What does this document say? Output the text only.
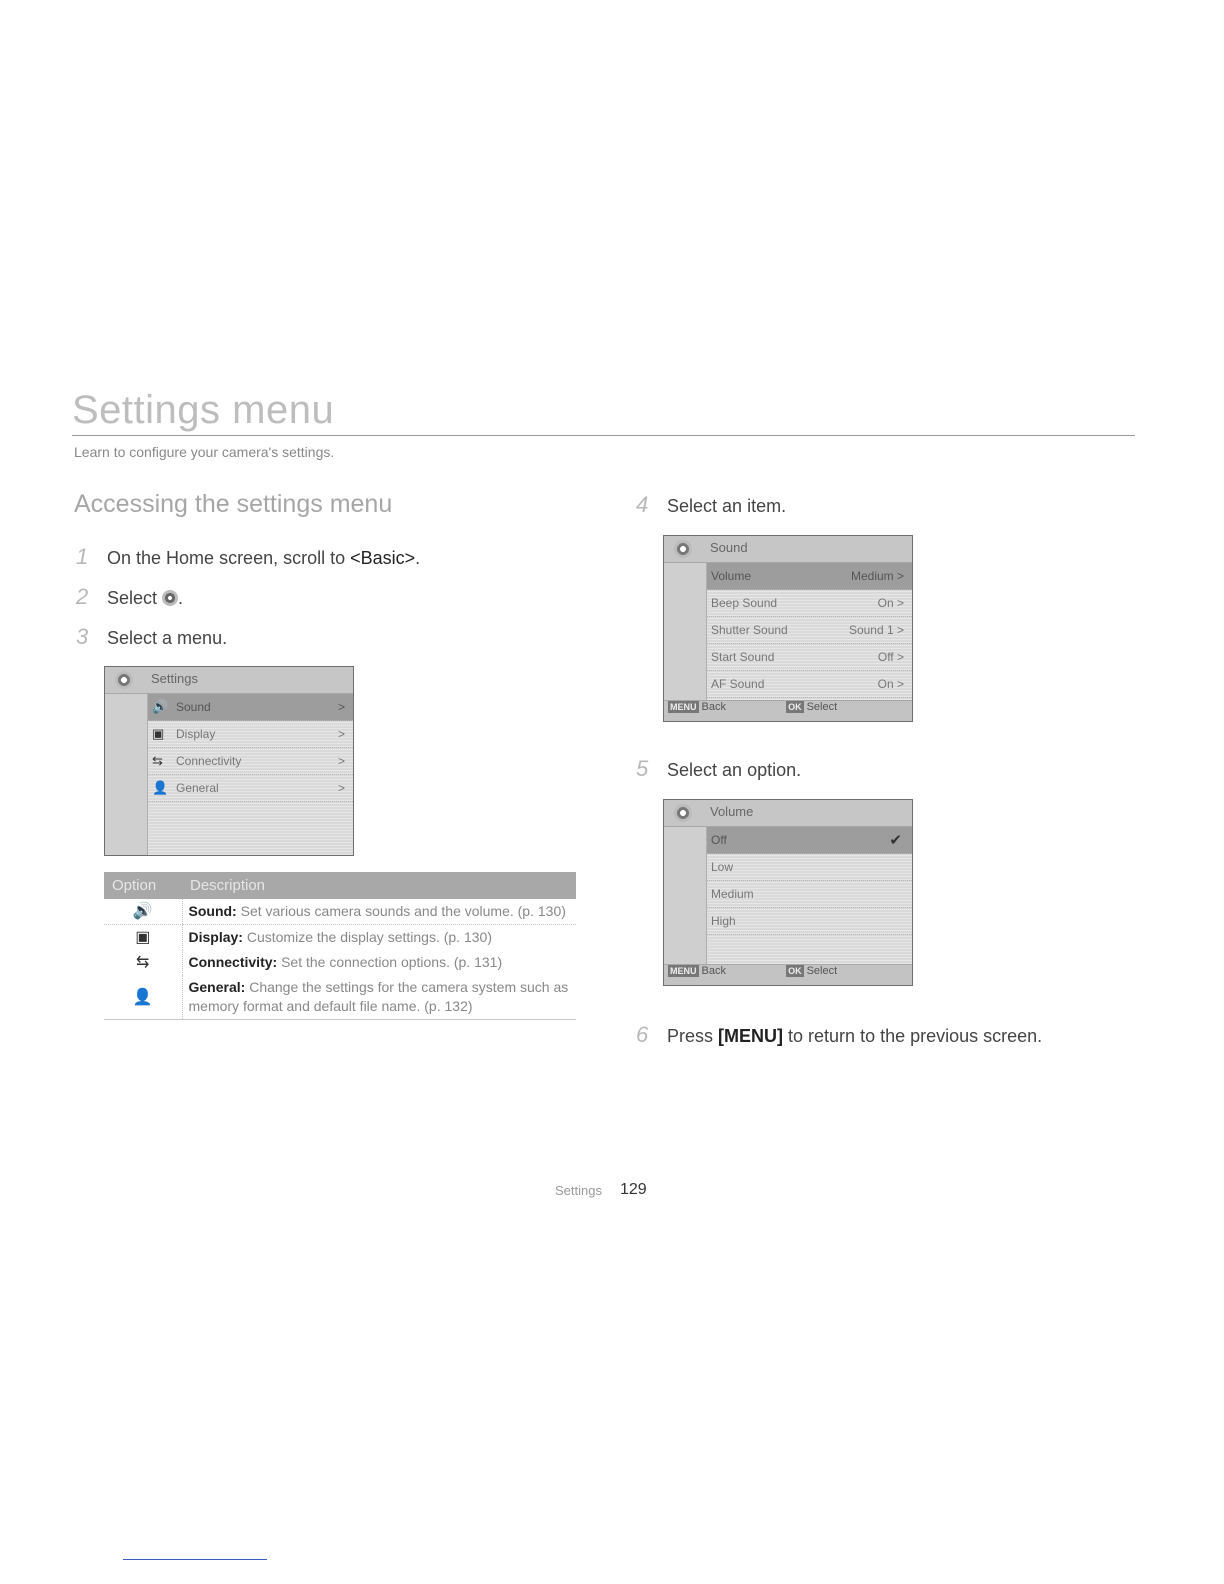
Settings menu
Learn to configure your camera's settings.
Accessing the settings menu
1 On the Home screen, scroll to <Basic>.
2 Select .
3 Select a menu.
Settings
🔊 Sound	>
▣ Display	>
⇆ Connectivity	>
👤 General	>
Option	Description
🔊	Sound: Set various camera sounds and the volume. (p. 130)
▣	Display: Customize the display settings. (p. 130)
⇆	Connectivity: Set the connection options. (p. 131)
👤	General: Change the settings for the camera system such as memory format and default file name. (p. 132)
4 Select an item.
Sound
Volume	Medium >
Beep Sound	On >
Shutter Sound	Sound 1 >
Start Sound	Off >
AF Sound	On >
MENU Back	OK Select
5 Select an option.
Volume
Off	✔
Low
Medium
High
MENU Back	OK Select
6 Press [MENU] to return to the previous screen.
Settings 129
